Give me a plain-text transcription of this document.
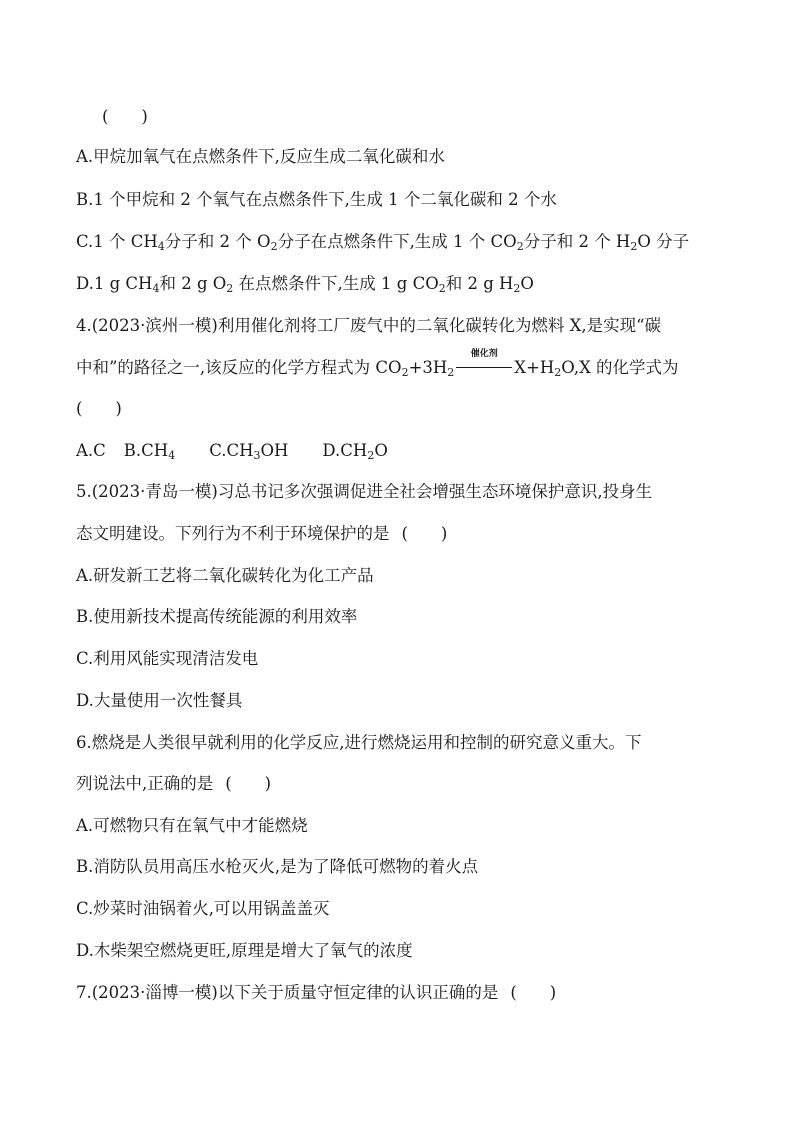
(　　)
A.甲烷加氧气在点燃条件下,反应生成二氧化碳和水
B.1 个甲烷和 2 个氧气在点燃条件下,生成 1 个二氧化碳和 2 个水
C.1 个 $CH_4$分子和 2 个 $O_2$分子在点燃条件下,生成 1 个 $CO_2$分子和 2 个 $H_2O$ 分子
D.1 g $CH_4$和 2 g $O_2$ 在点燃条件下,生成 1 g $CO_2$和 2 g $H_2O$
4.(2023·滨州一模)利用催化剂将工厂废气中的二氧化碳转化为燃料 X,是实现“碳
中和”的路径之一,该反应的化学方程式为 $CO_2+3H_2$
催化剂
$X+H_2O,X$ 的化学式为
(　　)
A.C $B.CH_4$ $C.CH_3OH$ $D.CH_2O$
5.(2023·青岛一模)习总书记多次强调促进全社会增强生态环境保护意识,投身生
态文明建设。下列行为不利于环境保护的是 (　　)
A.研发新工艺将二氧化碳转化为化工产品
B.使用新技术提高传统能源的利用效率
C.利用风能实现清洁发电
D.大量使用一次性餐具
6.燃烧是人类很早就利用的化学反应,进行燃烧运用和控制的研究意义重大。下
列说法中,正确的是 (　　)
A.可燃物只有在氧气中才能燃烧
B.消防队员用高压水枪灭火,是为了降低可燃物的着火点
C.炒菜时油锅着火,可以用锅盖盖灭
D.木柴架空燃烧更旺,原理是增大了氧气的浓度
7.(2023·淄博一模)以下关于质量守恒定律的认识正确的是 (　　)
